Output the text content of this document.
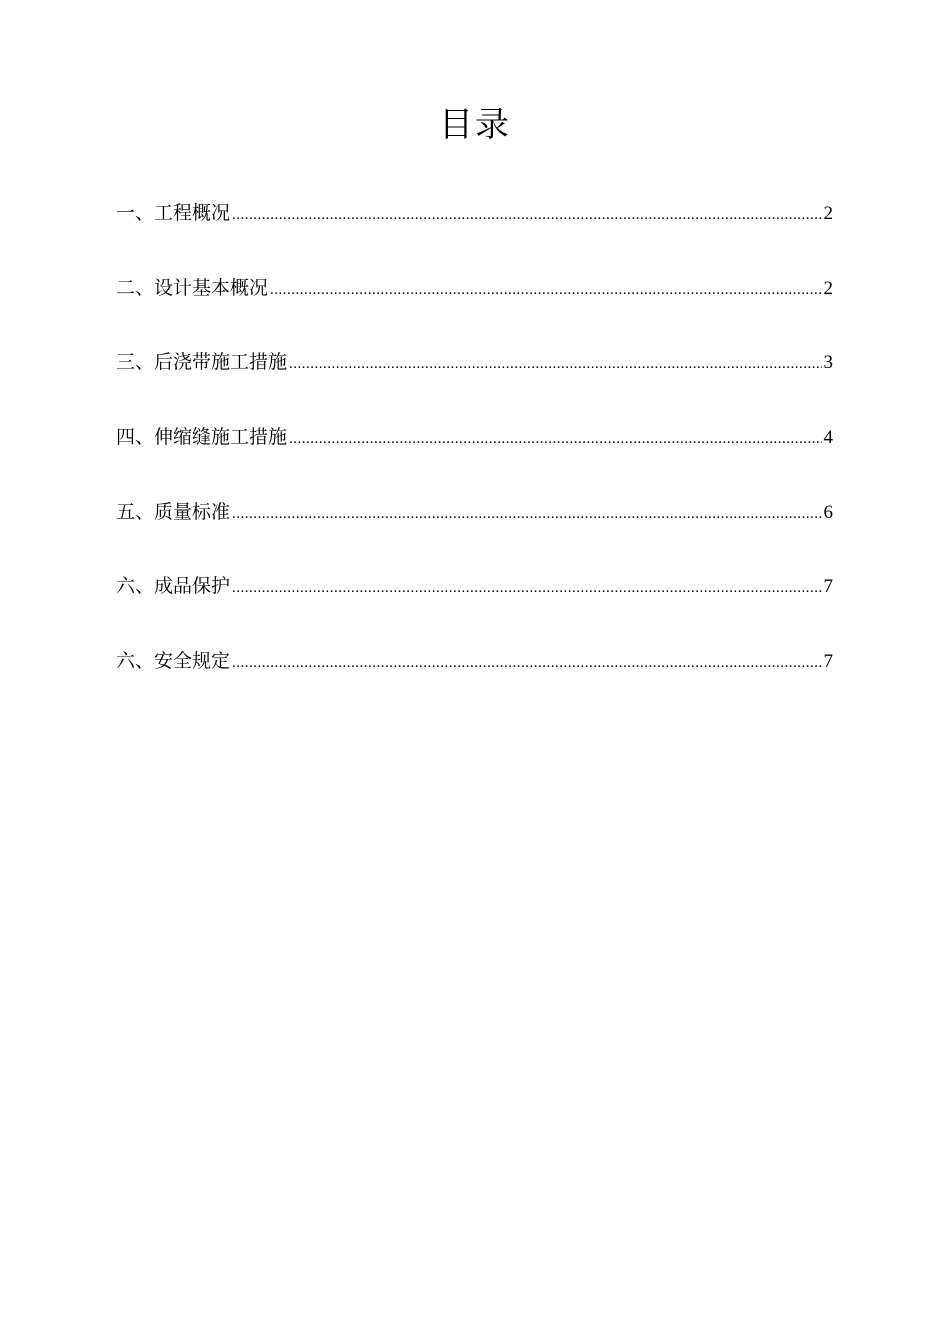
目录
一、工程概况 .....	2
二、设计基本概况 .....	2
三、后浇带施工措施 .....	3
四、伸缩缝施工措施 .....	4
五、质量标准 .....	6
六、成品保护 .....	7
六、安全规定 .....	7
